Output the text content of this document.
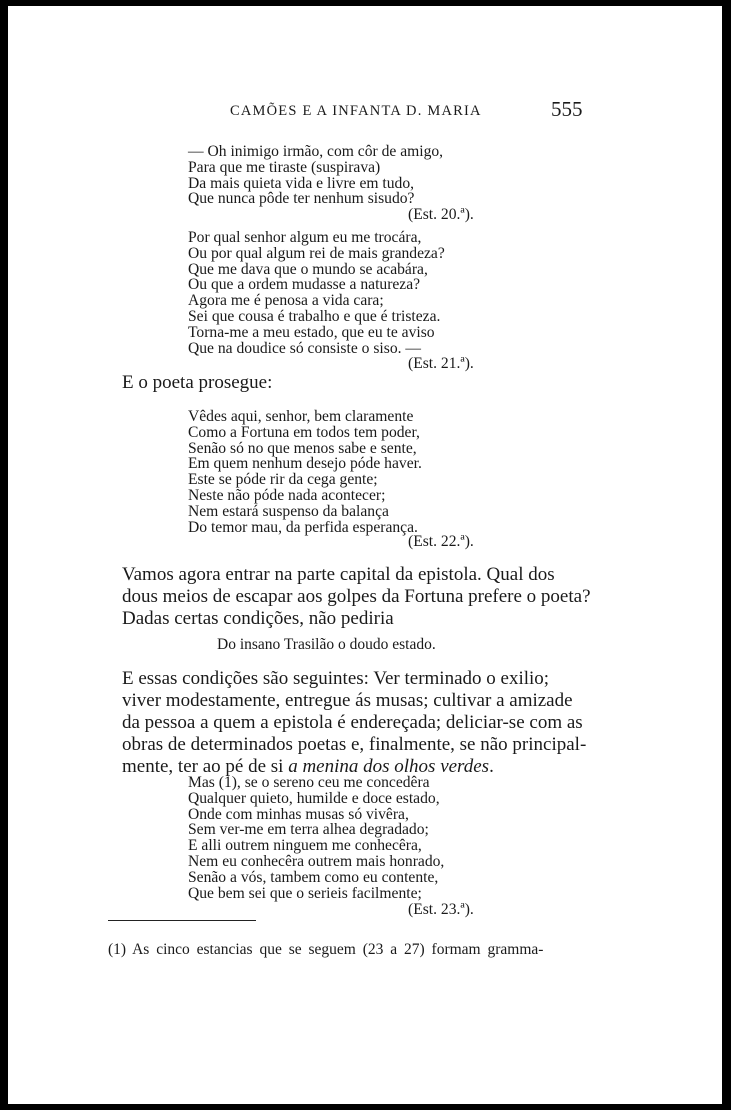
CAMÕES E A INFANTA D. MARIA	555
— Oh inimigo irmão, com côr de amigo,
Para que me tiraste (suspirava)
Da mais quieta vida e livre em tudo,
Que nunca pôde ter nenhum sisudo?
(Est. 20.ª).
Por qual senhor algum eu me trocára,
Ou por qual algum rei de mais grandeza?
Que me dava que o mundo se acabára,
Ou que a ordem mudasse a natureza?
Agora me é penosa a vida cara;
Sei que cousa é trabalho e que é tristeza.
Torna-me a meu estado, que eu te aviso
Que na doudice só consiste o siso. —
(Est. 21.ª).
E o poeta prosegue:
Vêdes aqui, senhor, bem claramente
Como a Fortuna em todos tem poder,
Senão só no que menos sabe e sente,
Em quem nenhum desejo póde haver.
Este se póde rir da cega gente;
Neste não póde nada acontecer;
Nem estará suspenso da balança
Do temor mau, da perfida esperança.
(Est. 22.ª).
Vamos agora entrar na parte capital da epistola. Qual dos
dous meios de escapar aos golpes da Fortuna prefere o poeta?
Dadas certas condições, não pediria
Do insano Trasilão o doudo estado.
E essas condições são seguintes: Ver terminado o exilio;
viver modestamente, entregue ás musas; cultivar a amizade
da pessoa a quem a epistola é endereçada; deliciar-se com as
obras de determinados poetas e, finalmente, se não principal-
mente, ter ao pé de si a menina dos olhos verdes.
Mas (1), se o sereno ceu me concedêra
Qualquer quieto, humilde e doce estado,
Onde com minhas musas só vivêra,
Sem ver-me em terra alhea degradado;
E alli outrem ninguem me conhecêra,
Nem eu conhecêra outrem mais honrado,
Senão a vós, tambem como eu contente,
Que bem sei que o serieis facilmente;
(Est. 23.ª).
(1) As cinco estancias que se seguem (23 a 27) formam gramma-
